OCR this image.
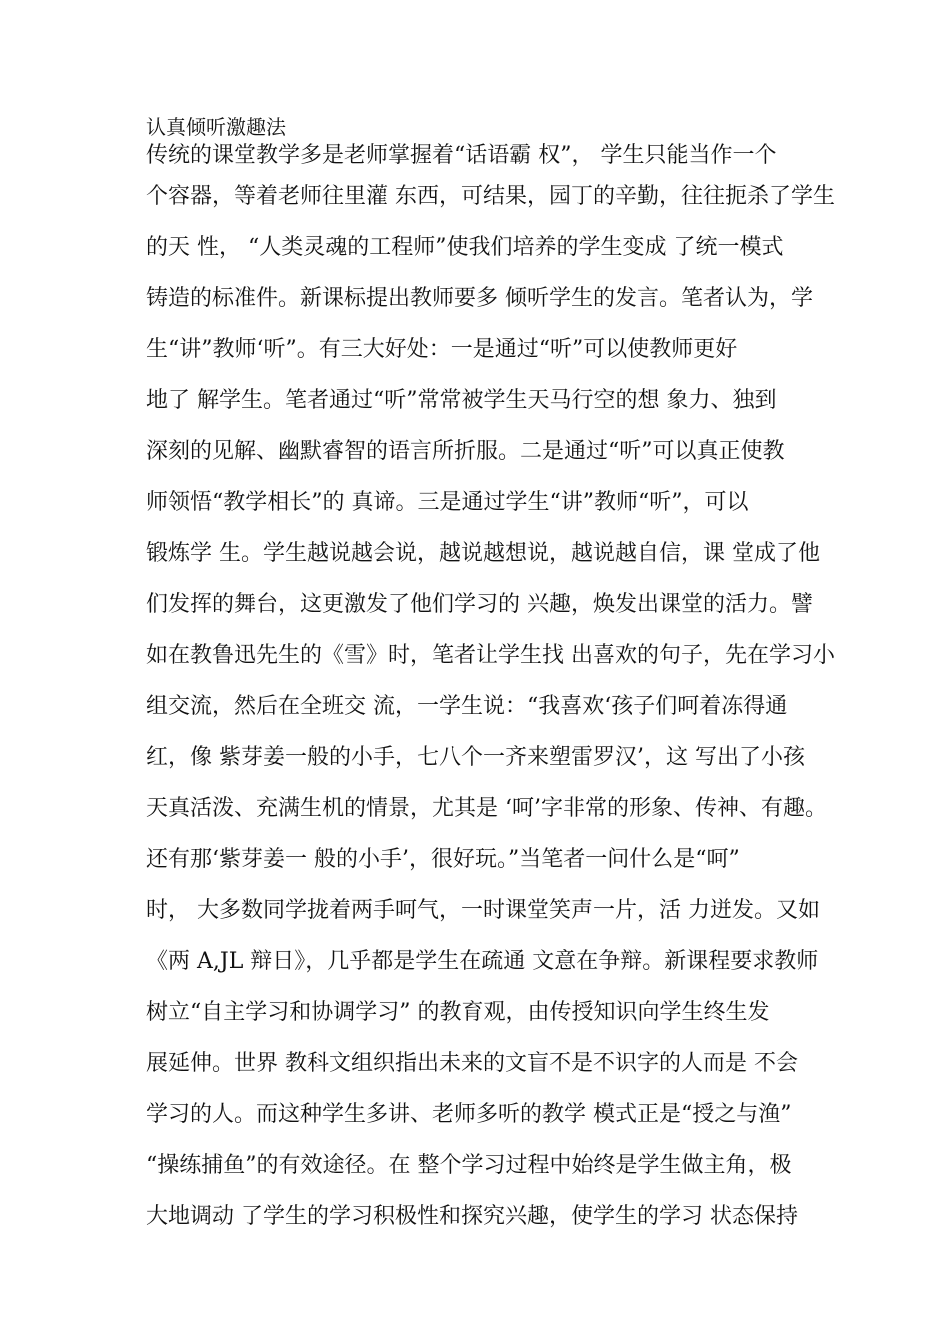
认真倾听激趣法
传统的课堂教学多是老师掌握着“话语霸 权”， 学生只能当作一个
个容器，等着老师往里灌 东西，可结果，园丁的辛勤，往往扼杀了学生
的天 性， “人类灵魂的工程师”使我们培养的学生变成 了统一模式
铸造的标准件。新课标提出教师要多 倾听学生的发言。笔者认为，学
生“讲”教师‘听”。有三大好处：一是通过“听”可以使教师更好
地了 解学生。笔者通过“听”常常被学生天马行空的想 象力、独到
深刻的见解、幽默睿智的语言所折服。二是通过“听”可以真正使教
师领悟“教学相长”的 真谛。三是通过学生“讲”教师“听”，可以
锻炼学 生。学生越说越会说，越说越想说，越说越自信，课 堂成了他
们发挥的舞台，这更激发了他们学习的 兴趣，焕发出课堂的活力。譬
如在教鲁迅先生的《雪》时，笔者让学生找 出喜欢的句子，先在学习小
组交流，然后在全班交 流，一学生说：“我喜欢‘孩子们呵着冻得通
红，像 紫芽姜一般的小手，七八个一齐来塑雷罗汉’，这 写出了小孩
天真活泼、充满生机的情景，尤其是 ‘呵’字非常的形象、传神、有趣。
还有那‘紫芽姜一 般的小手’，很好玩。”当笔者一问什么是“呵”
时， 大多数同学拢着两手呵气，一时课堂笑声一片，活 力迸发。又如
《两 A,JL 辩日》，几乎都是学生在疏通 文意在争辩。新课程要求教师
树立“自主学习和协调学习” 的教育观，由传授知识向学生终生发
展延伸。世界 教科文组织指出未来的文盲不是不识字的人而是 不会
学习的人。而这种学生多讲、老师多听的教学 模式正是“授之与渔”
“操练捕鱼”的有效途径。在 整个学习过程中始终是学生做主角，极
大地调动 了学生的学习积极性和探究兴趣，使学生的学习 状态保持
